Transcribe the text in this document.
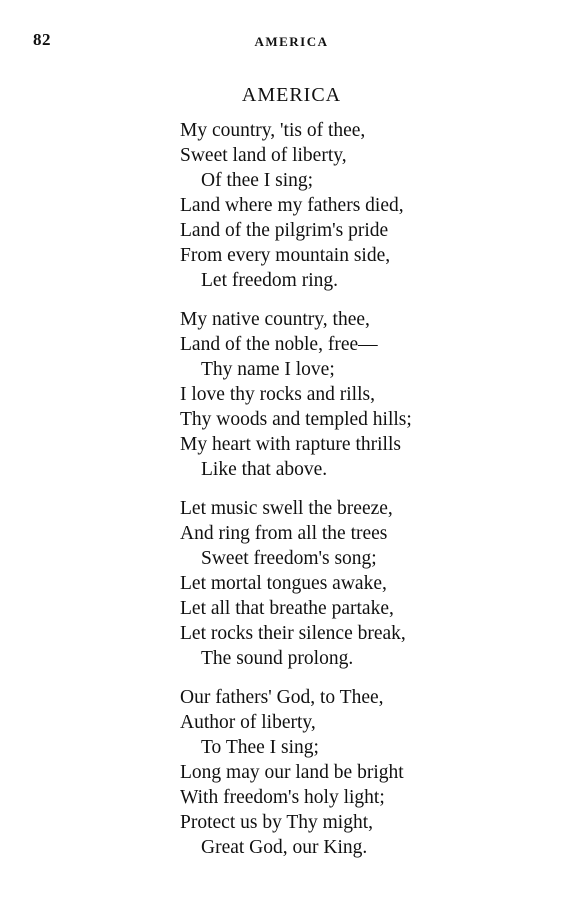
82	AMERICA
AMERICA
My country, 'tis of thee,
Sweet land of liberty,
Of thee I sing;
Land where my fathers died,
Land of the pilgrim's pride
From every mountain side,
Let freedom ring.
My native country, thee,
Land of the noble, free—
Thy name I love;
I love thy rocks and rills,
Thy woods and templed hills;
My heart with rapture thrills
Like that above.
Let music swell the breeze,
And ring from all the trees
Sweet freedom's song;
Let mortal tongues awake,
Let all that breathe partake,
Let rocks their silence break,
The sound prolong.
Our fathers' God, to Thee,
Author of liberty,
To Thee I sing;
Long may our land be bright
With freedom's holy light;
Protect us by Thy might,
Great God, our King.
